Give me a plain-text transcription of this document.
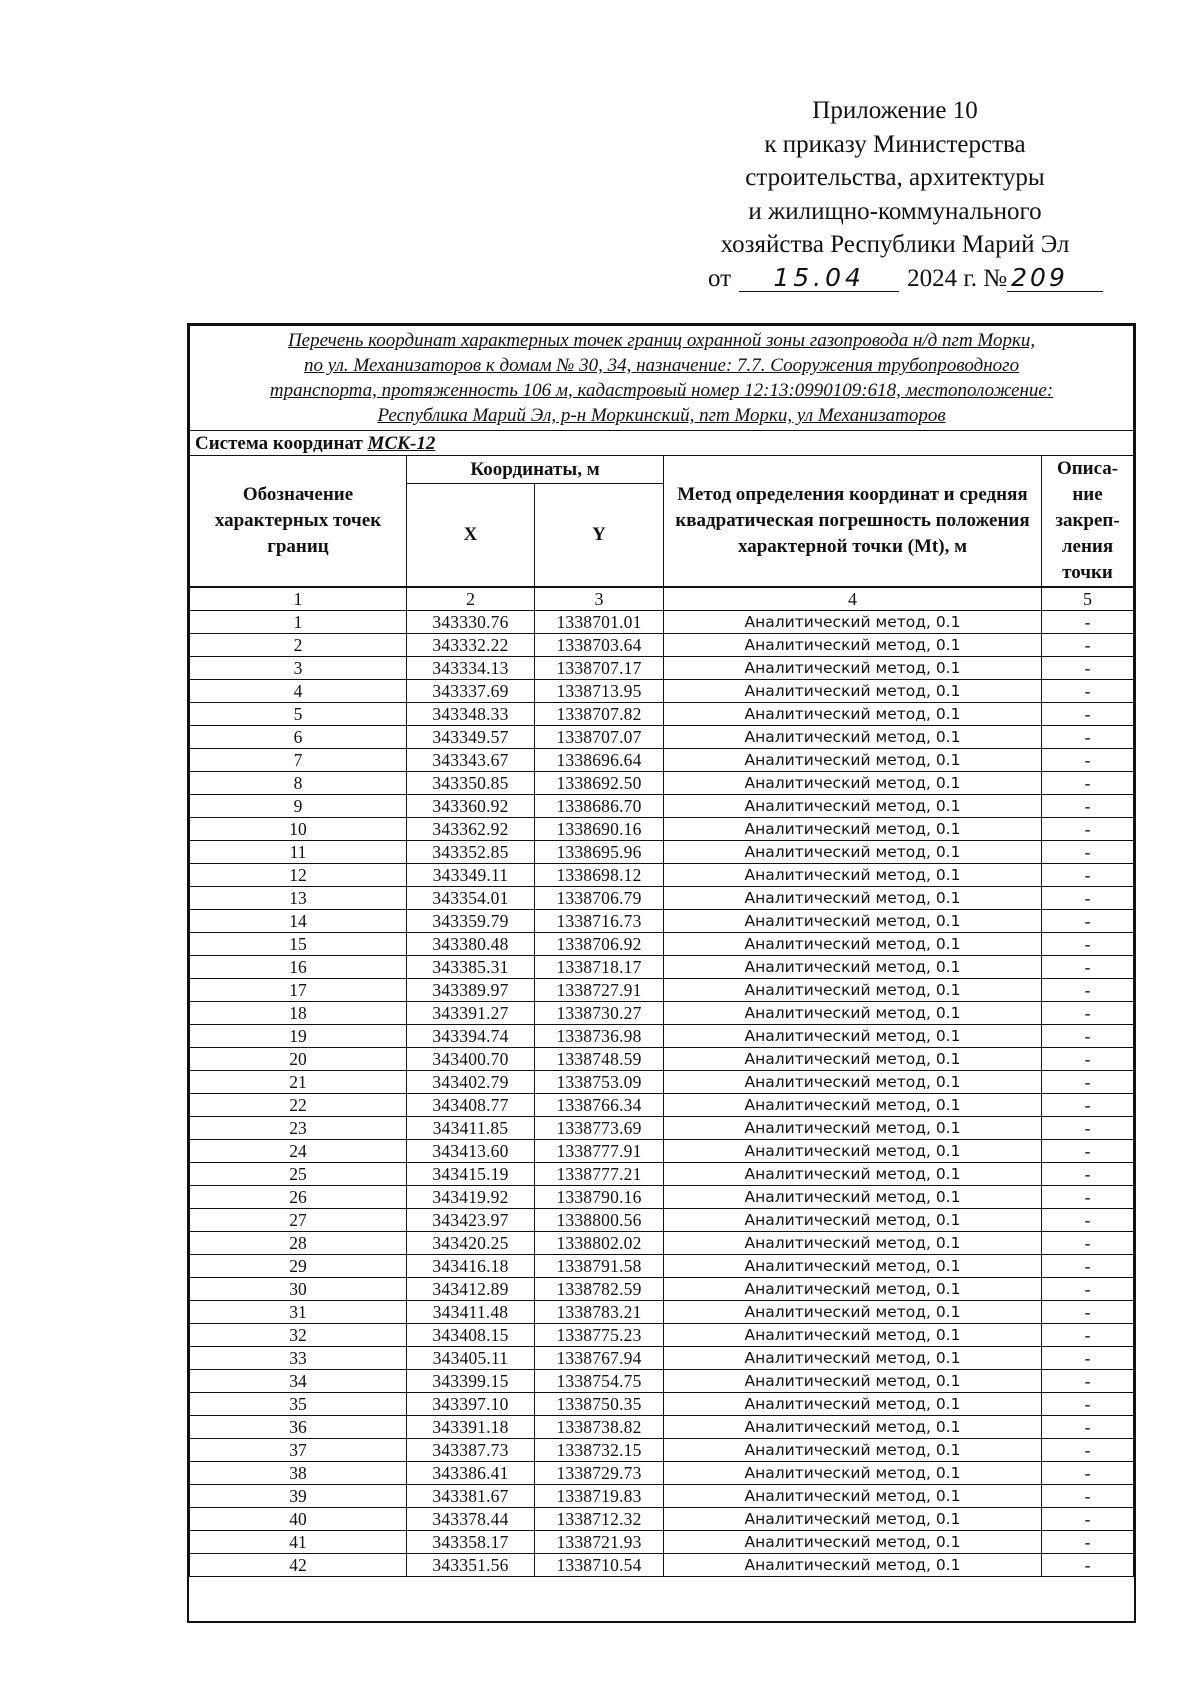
Приложение 10
к приказу Министерства
строительства, архитектуры
и жилищно-коммунального
хозяйства Республики Марий Эл
от 15.04 2024 г. № 209
Перечень координат характерных точек границ охранной зоны газопровода н/д пгт Морки,
по ул. Механизаторов к домам № 30, 34, назначение: 7.7. Сооружения трубопроводного
транспорта, протяженность 106 м, кадастровый номер 12:13:0990109:618, местоположение:
Республика Марий Эл, р-н Моркинский, пгт Морки, ул Механизаторов				

Система координат МСК-12				
Обозначение характерных точек границ	Координаты, м		Метод определения координат и средняя квадратическая погрешность положения характерной точки (Mt), м	Описа-ние закреп-ления точки
	X	Y		
1	2	3	4	5
1	343330.76	1338701.01	Аналитический метод, 0.1	-
2	343332.22	1338703.64	Аналитический метод, 0.1	-
3	343334.13	1338707.17	Аналитический метод, 0.1	-
4	343337.69	1338713.95	Аналитический метод, 0.1	-
5	343348.33	1338707.82	Аналитический метод, 0.1	-
6	343349.57	1338707.07	Аналитический метод, 0.1	-
7	343343.67	1338696.64	Аналитический метод, 0.1	-
8	343350.85	1338692.50	Аналитический метод, 0.1	-
9	343360.92	1338686.70	Аналитический метод, 0.1	-
10	343362.92	1338690.16	Аналитический метод, 0.1	-
11	343352.85	1338695.96	Аналитический метод, 0.1	-
12	343349.11	1338698.12	Аналитический метод, 0.1	-
13	343354.01	1338706.79	Аналитический метод, 0.1	-
14	343359.79	1338716.73	Аналитический метод, 0.1	-
15	343380.48	1338706.92	Аналитический метод, 0.1	-
16	343385.31	1338718.17	Аналитический метод, 0.1	-
17	343389.97	1338727.91	Аналитический метод, 0.1	-
18	343391.27	1338730.27	Аналитический метод, 0.1	-
19	343394.74	1338736.98	Аналитический метод, 0.1	-
20	343400.70	1338748.59	Аналитический метод, 0.1	-
21	343402.79	1338753.09	Аналитический метод, 0.1	-
22	343408.77	1338766.34	Аналитический метод, 0.1	-
23	343411.85	1338773.69	Аналитический метод, 0.1	-
24	343413.60	1338777.91	Аналитический метод, 0.1	-
25	343415.19	1338777.21	Аналитический метод, 0.1	-
26	343419.92	1338790.16	Аналитический метод, 0.1	-
27	343423.97	1338800.56	Аналитический метод, 0.1	-
28	343420.25	1338802.02	Аналитический метод, 0.1	-
29	343416.18	1338791.58	Аналитический метод, 0.1	-
30	343412.89	1338782.59	Аналитический метод, 0.1	-
31	343411.48	1338783.21	Аналитический метод, 0.1	-
32	343408.15	1338775.23	Аналитический метод, 0.1	-
33	343405.11	1338767.94	Аналитический метод, 0.1	-
34	343399.15	1338754.75	Аналитический метод, 0.1	-
35	343397.10	1338750.35	Аналитический метод, 0.1	-
36	343391.18	1338738.82	Аналитический метод, 0.1	-
37	343387.73	1338732.15	Аналитический метод, 0.1	-
38	343386.41	1338729.73	Аналитический метод, 0.1	-
39	343381.67	1338719.83	Аналитический метод, 0.1	-
40	343378.44	1338712.32	Аналитический метод, 0.1	-
41	343358.17	1338721.93	Аналитический метод, 0.1	-
42	343351.56	1338710.54	Аналитический метод, 0.1	-
